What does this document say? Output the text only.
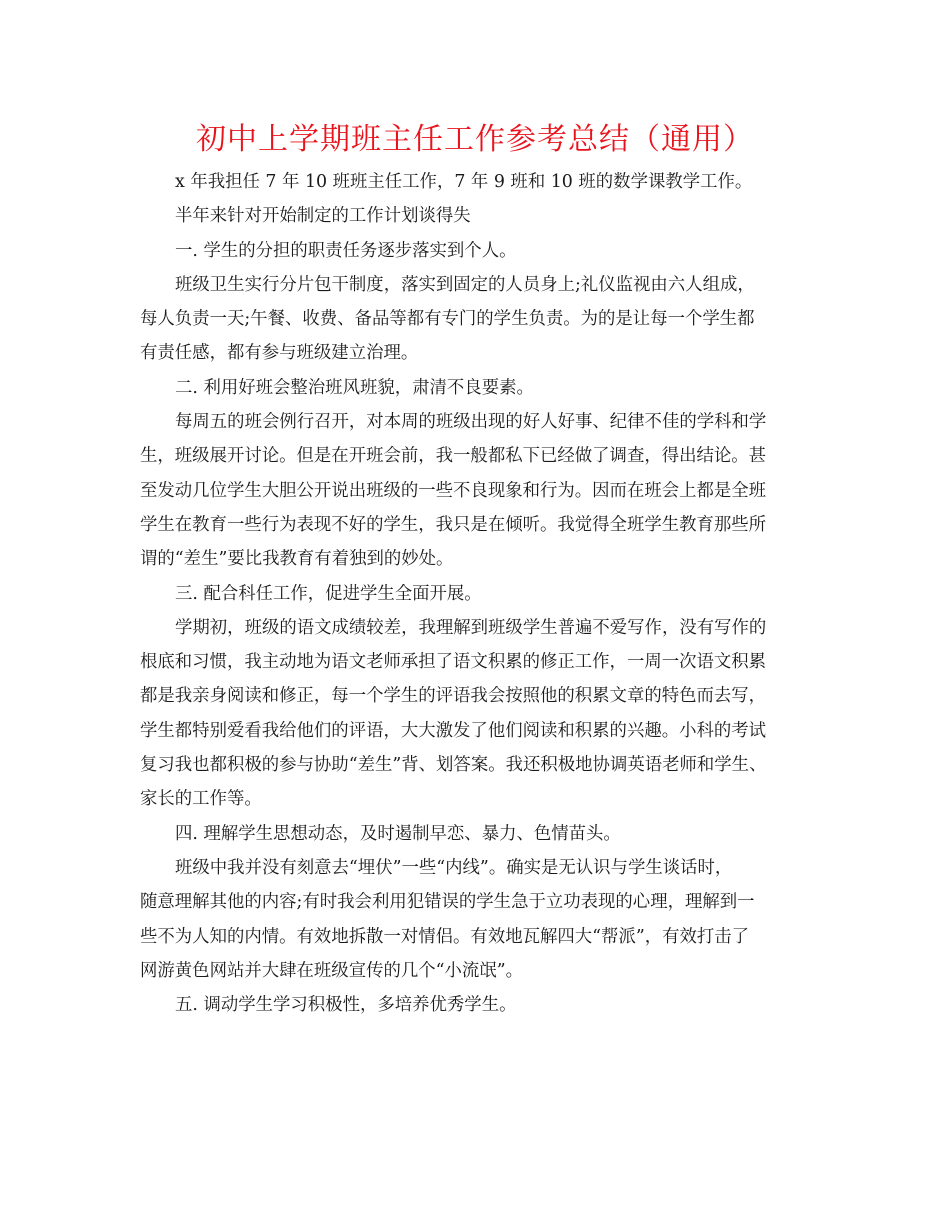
初中上学期班主任工作参考总结（通用）
x 年我担任 7 年 10 班班主任工作，7 年 9 班和 10 班的数学课教学工作。
半年来针对开始制定的工作计划谈得失
一. 学生的分担的职责任务逐步落实到个人。
班级卫生实行分片包干制度，落实到固定的人员身上;礼仪监视由六人组成，
每人负责一天;午餐、收费、备品等都有专门的学生负责。为的是让每一个学生都
有责任感，都有参与班级建立治理。
二. 利用好班会整治班风班貌，肃清不良要素。
每周五的班会例行召开，对本周的班级出现的好人好事、纪律不佳的学科和学
生，班级展开讨论。但是在开班会前，我一般都私下已经做了调查，得出结论。甚
至发动几位学生大胆公开说出班级的一些不良现象和行为。因而在班会上都是全班
学生在教育一些行为表现不好的学生，我只是在倾听。我觉得全班学生教育那些所
谓的“差生”要比我教育有着独到的妙处。
三. 配合科任工作，促进学生全面开展。
学期初，班级的语文成绩较差，我理解到班级学生普遍不爱写作，没有写作的
根底和习惯，我主动地为语文老师承担了语文积累的修正工作，一周一次语文积累
都是我亲身阅读和修正，每一个学生的评语我会按照他的积累文章的特色而去写，
学生都特别爱看我给他们的评语，大大激发了他们阅读和积累的兴趣。小科的考试
复习我也都积极的参与协助“差生”背、划答案。我还积极地协调英语老师和学生、
家长的工作等。
四. 理解学生思想动态，及时遏制早恋、暴力、色情苗头。
班级中我并没有刻意去“埋伏”一些“内线”。确实是无认识与学生谈话时，
随意理解其他的内容;有时我会利用犯错误的学生急于立功表现的心理，理解到一
些不为人知的内情。有效地拆散一对情侣。有效地瓦解四大“帮派”，有效打击了
网游黄色网站并大肆在班级宣传的几个“小流氓”。
五. 调动学生学习积极性，多培养优秀学生。
